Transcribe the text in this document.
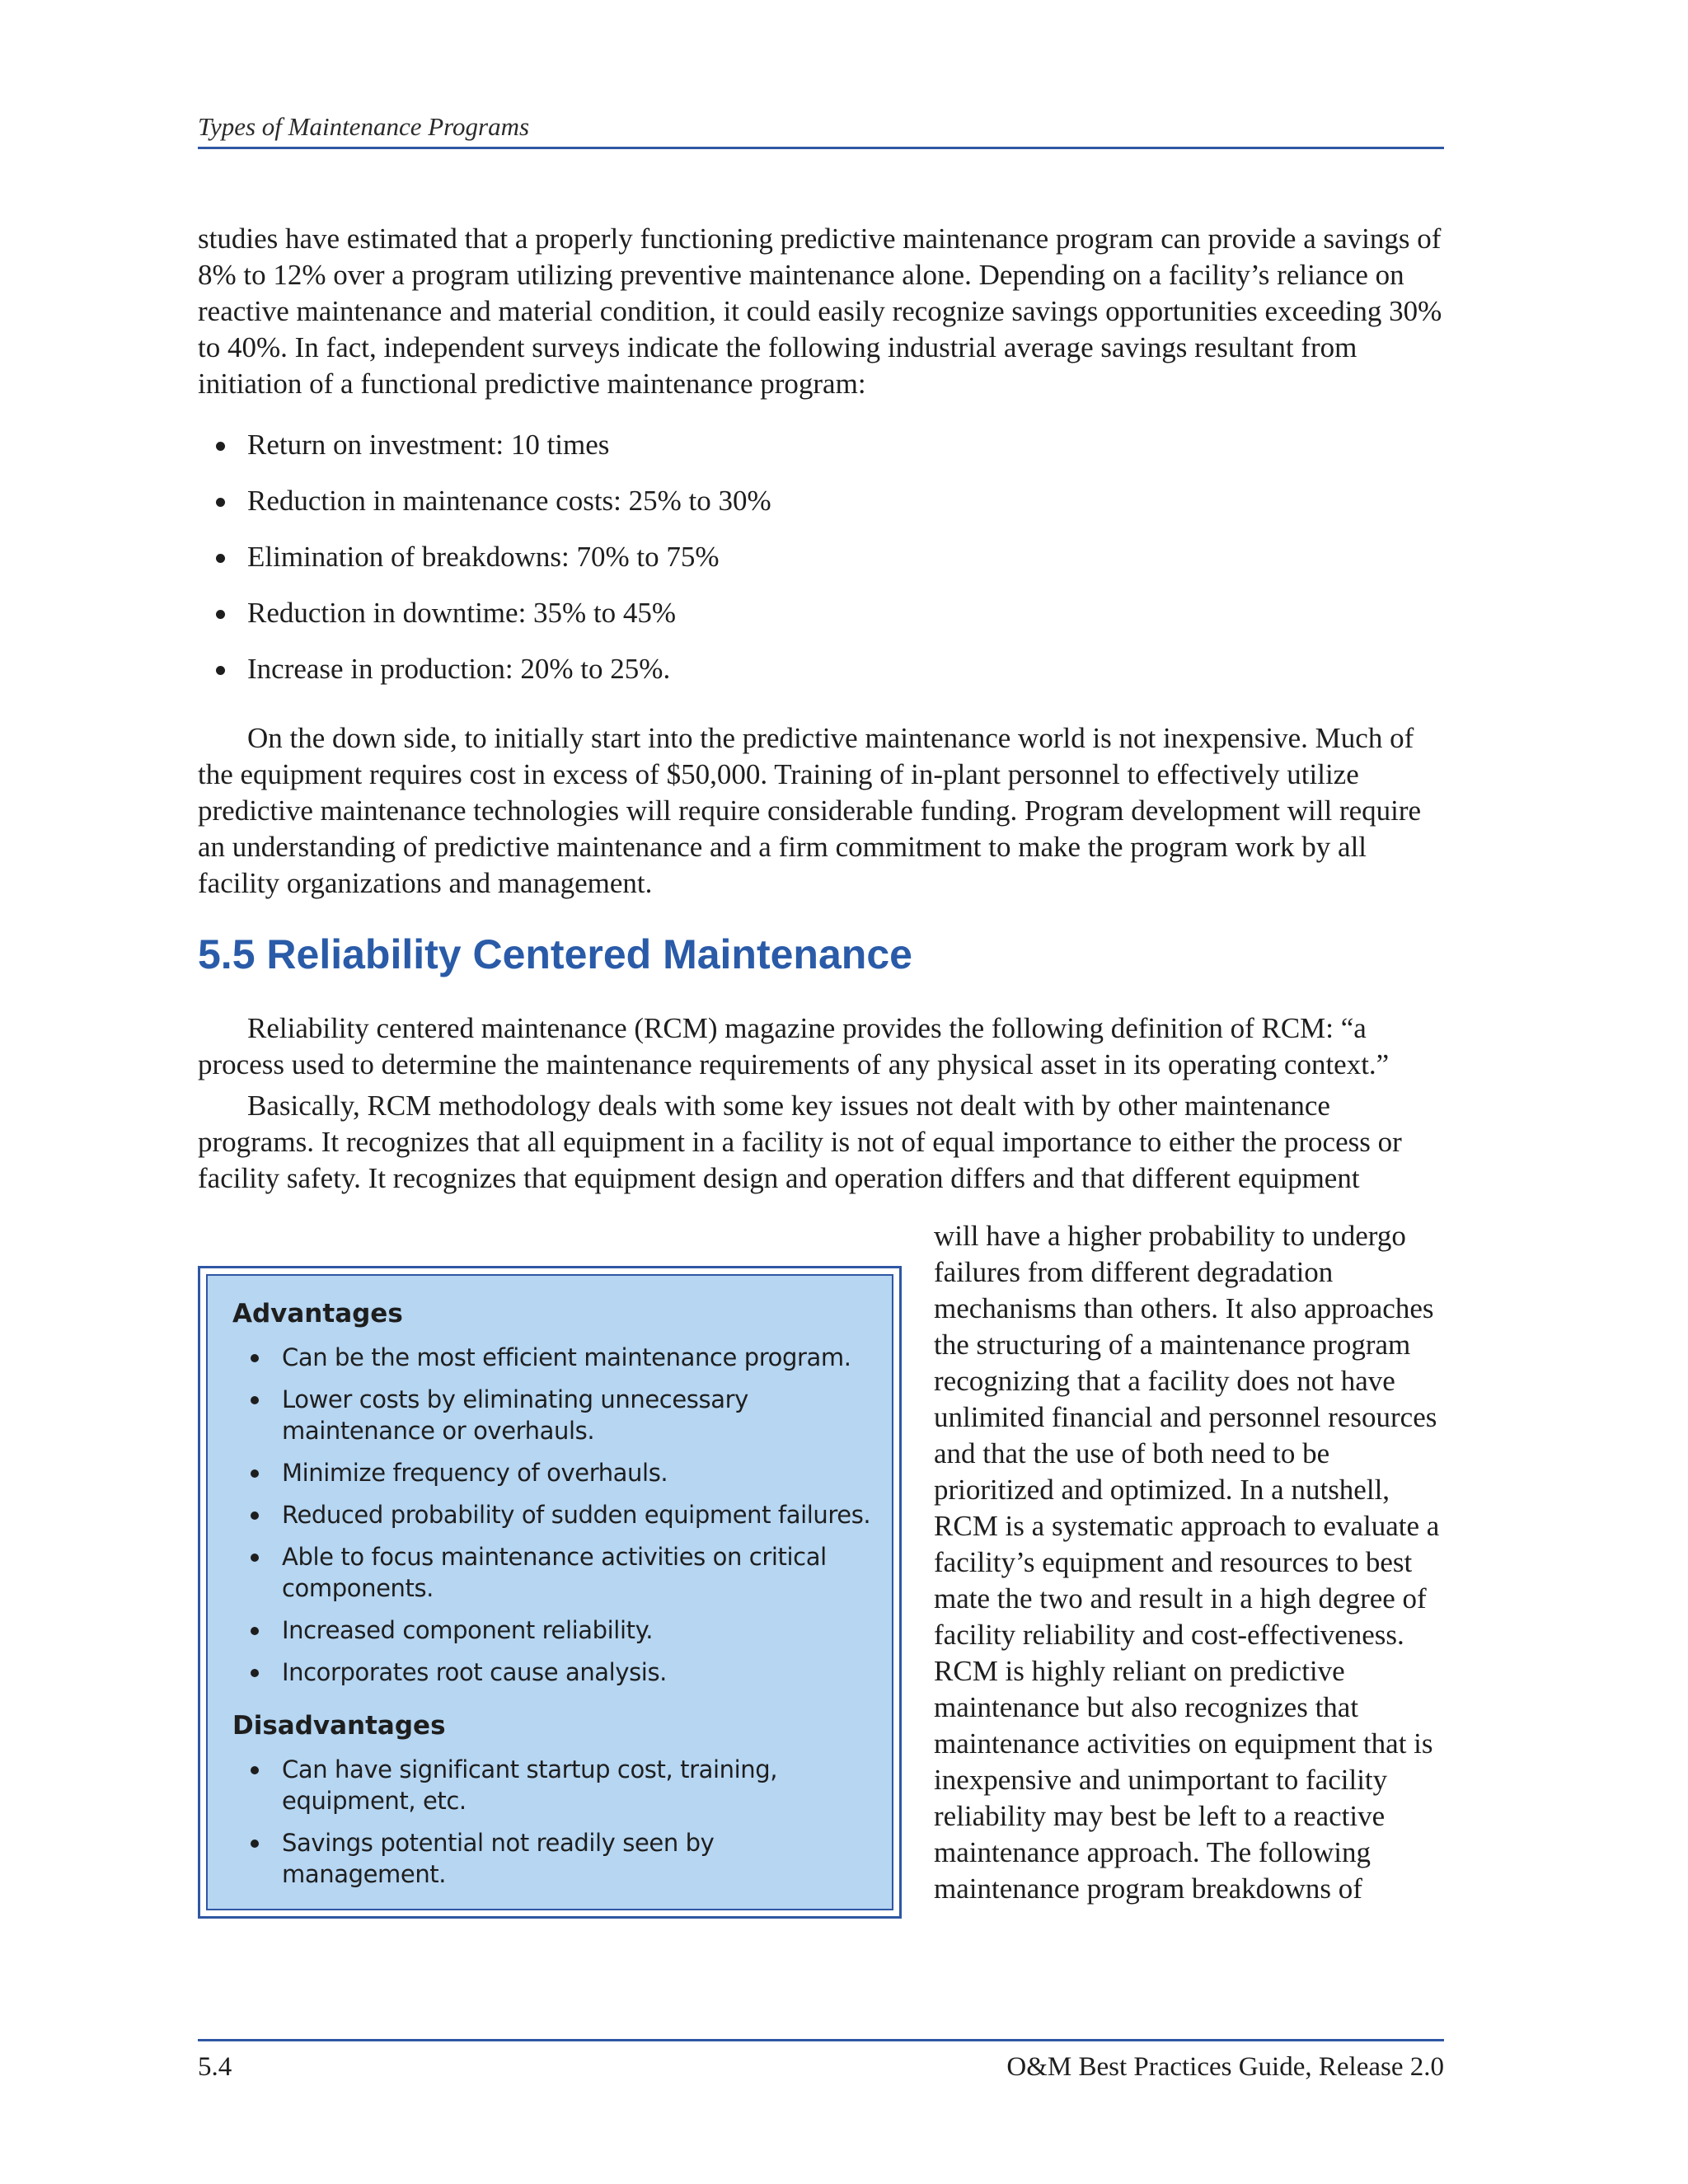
Types of Maintenance Programs

studies have estimated that a properly functioning predictive maintenance program can provide a savings of 8% to 12% over a program utilizing preventive maintenance alone. Depending on a facility’s reliance on reactive maintenance and material condition, it could easily recognize savings opportunities exceeding 30% to 40%. In fact, independent surveys indicate the following industrial average savings resultant from initiation of a functional predictive maintenance program:

Return on investment: 10 times
Reduction in maintenance costs: 25% to 30%
Elimination of breakdowns: 70% to 75%
Reduction in downtime: 35% to 45%
Increase in production: 20% to 25%.

On the down side, to initially start into the predictive maintenance world is not inexpensive. Much of the equipment requires cost in excess of $50,000. Training of in-plant personnel to effectively utilize predictive maintenance technologies will require considerable funding. Program development will require an understanding of predictive maintenance and a firm commitment to make the program work by all facility organizations and management.

5.5 Reliability Centered Maintenance

Reliability centered maintenance (RCM) magazine provides the following definition of RCM: “a process used to determine the maintenance requirements of any physical asset in its operating context.”

Basically, RCM methodology deals with some key issues not dealt with by other maintenance programs. It recognizes that all equipment in a facility is not of equal importance to either the process or facility safety. It recognizes that equipment design and operation differs and that different equipment

will have a higher probability to undergo failures from different degradation mechanisms than others. It also approaches the structuring of a maintenance program recognizing that a facility does not have unlimited financial and personnel resources and that the use of both need to be prioritized and optimized. In a nutshell, RCM is a systematic approach to evaluate a facility’s equipment and resources to best mate the two and result in a high degree of facility reliability and cost-effectiveness. RCM is highly reliant on predictive maintenance but also recognizes that maintenance activities on equipment that is inexpensive and unimportant to facility reliability may best be left to a reactive maintenance approach. The following maintenance program breakdowns of
Advantages
Can be the most efficient maintenance program.
Lower costs by eliminating unnecessary maintenance or overhauls.
Minimize frequency of overhauls.
Reduced probability of sudden equipment failures.
Able to focus maintenance activities on critical components.
Increased component reliability.
Incorporates root cause analysis.
Disadvantages
Can have significant startup cost, training, equipment, etc.
Savings potential not readily seen by management.
5.4	O&M Best Practices Guide, Release 2.0
